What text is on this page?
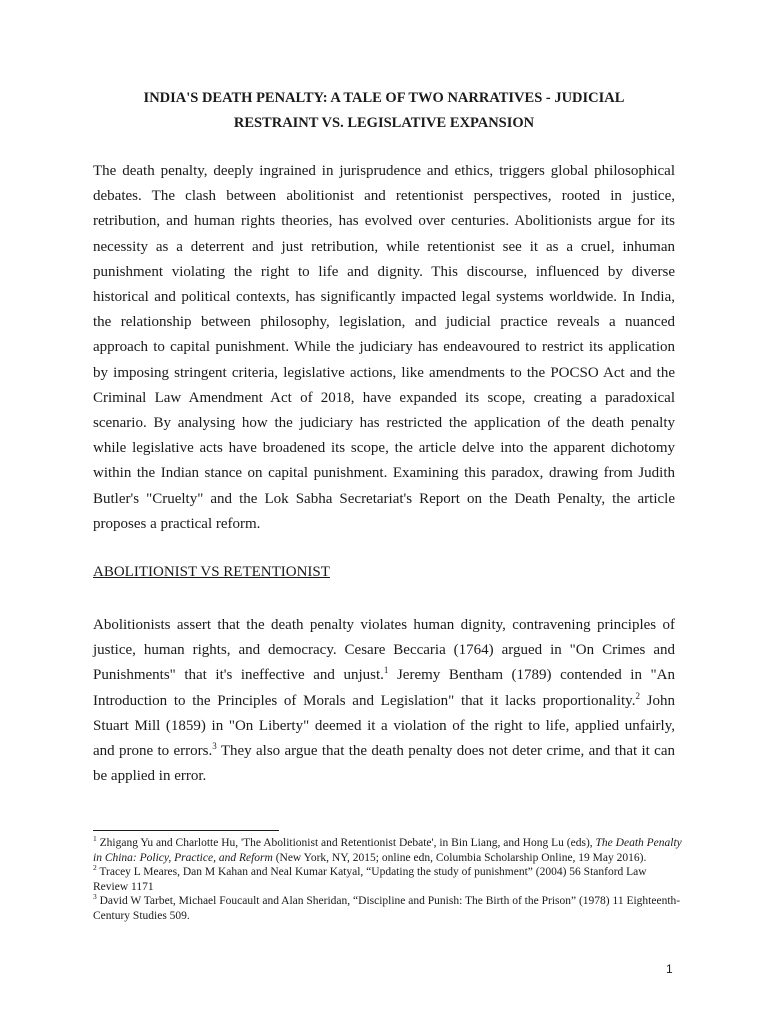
INDIA'S DEATH PENALTY: A TALE OF TWO NARRATIVES - JUDICIAL
RESTRAINT VS. LEGISLATIVE EXPANSION

The death penalty, deeply ingrained in jurisprudence and ethics, triggers global philosophical
debates. The clash between abolitionist and retentionist perspectives, rooted in justice,
retribution, and human rights theories, has evolved over centuries. Abolitionists argue for its
necessity as a deterrent and just retribution, while retentionist see it as a cruel, inhuman
punishment violating the right to life and dignity. This discourse, influenced by diverse
historical and political contexts, has significantly impacted legal systems worldwide. In India,
the relationship between philosophy, legislation, and judicial practice reveals a nuanced
approach to capital punishment. While the judiciary has endeavoured to restrict its application
by imposing stringent criteria, legislative actions, like amendments to the POCSO Act and the
Criminal Law Amendment Act of 2018, have expanded its scope, creating a paradoxical
scenario. By analysing how the judiciary has restricted the application of the death penalty
while legislative acts have broadened its scope, the article delve into the apparent dichotomy
within the Indian stance on capital punishment. Examining this paradox, drawing from Judith
Butler's "Cruelty" and the Lok Sabha Secretariat's Report on the Death Penalty, the article
proposes a practical reform.

ABOLITIONIST VS RETENTIONIST

Abolitionists assert that the death penalty violates human dignity, contravening principles of
justice, human rights, and democracy. Cesare Beccaria (1764) argued in "On Crimes and
Punishments" that it's ineffective and unjust.$^1$ Jeremy Bentham (1789) contended in "An
Introduction to the Principles of Morals and Legislation" that it lacks proportionality.$^2$ John
Stuart Mill (1859) in "On Liberty" deemed it a violation of the right to life, applied unfairly,
and prone to errors.$^3$ They also argue that the death penalty does not deter crime, and that it can
be applied in error.

$^1$ Zhigang Yu and Charlotte Hu, 'The Abolitionist and Retentionist Debate', in Bin Liang, and Hong Lu (eds), The Death Penalty in China: Policy, Practice, and Reform (New York, NY, 2015; online edn, Columbia Scholarship Online, 19 May 2016).

$^2$ Tracey L Meares, Dan M Kahan and Neal Kumar Katyal, “Updating the study of punishment” (2004) 56 Stanford Law Review 1171

$^3$ David W Tarbet, Michael Foucault and Alan Sheridan, “Discipline and Punish: The Birth of the Prison” (1978) 11 Eighteenth-Century Studies 509.

1
